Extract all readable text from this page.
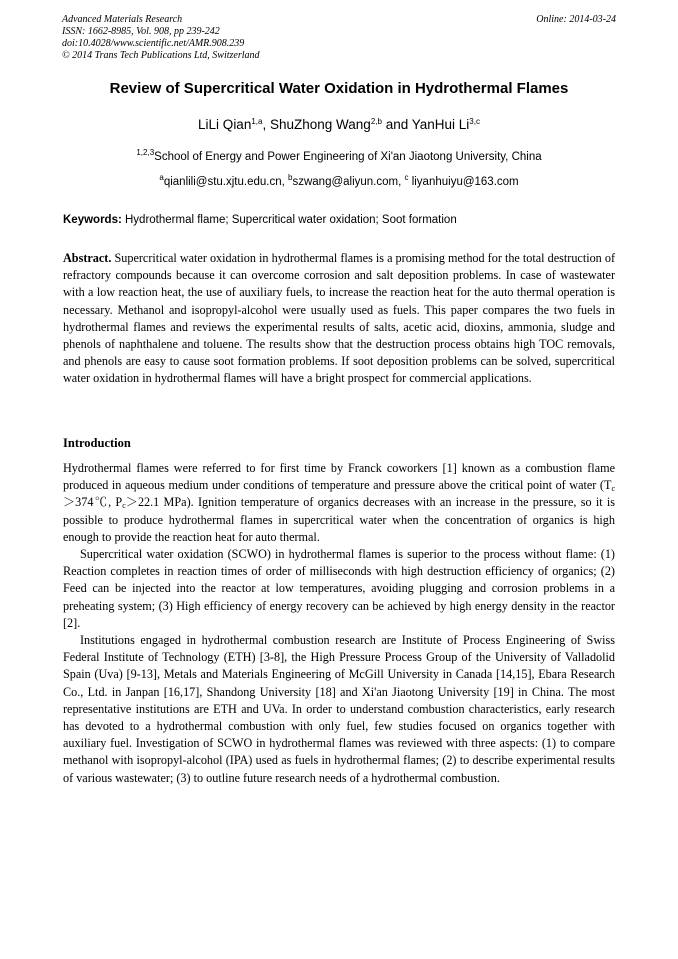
Advanced Materials Research
ISSN: 1662-8985, Vol. 908, pp 239-242
doi:10.4028/www.scientific.net/AMR.908.239
© 2014 Trans Tech Publications Ltd, Switzerland
Online: 2014-03-24
Review of Supercritical Water Oxidation in Hydrothermal Flames
LiLi Qian$^{1,a}$, ShuZhong Wang$^{2,b}$ and YanHui Li$^{3,c}$
$^{1,2,3}$School of Energy and Power Engineering of Xi'an Jiaotong University, China
$^a$qianlili@stu.xjtu.edu.cn, $^b$szwang@aliyun.com, $^c$ liyanhuiyu@163.com
Keywords: Hydrothermal flame; Supercritical water oxidation; Soot formation

Abstract. Supercritical water oxidation in hydrothermal flames is a promising method for the total destruction of refractory compounds because it can overcome corrosion and salt deposition problems. In case of wastewater with a low reaction heat, the use of auxiliary fuels, to increase the reaction heat for the auto thermal operation is necessary. Methanol and isopropyl-alcohol were usually used as fuels. This paper compares the two fuels in hydrothermal flames and reviews the experimental results of salts, acetic acid, dioxins, ammonia, sludge and phenols of naphthalene and toluene. The results show that the destruction process obtains high TOC removals, and phenols are easy to cause soot formation problems. If soot deposition problems can be solved, supercritical water oxidation in hydrothermal flames will have a bright prospect for commercial applications.

Introduction

Hydrothermal flames were referred to for first time by Franck coworkers [1] known as a combustion flame produced in aqueous medium under conditions of temperature and pressure above the critical point of water ($T_c>374℃$, $P_c>22.1$ MPa). Ignition temperature of organics decreases with an increase in the pressure, so it is possible to produce hydrothermal flames in supercritical water when the concentration of organics is high enough to provide the reaction heat for auto thermal.

Supercritical water oxidation (SCWO) in hydrothermal flames is superior to the process without flame: (1) Reaction completes in reaction times of order of milliseconds with high destruction efficiency of organics; (2) Feed can be injected into the reactor at low temperatures, avoiding plugging and corrosion problems in a preheating system; (3) High efficiency of energy recovery can be achieved by high energy density in the reactor [2].

Institutions engaged in hydrothermal combustion research are Institute of Process Engineering of Swiss Federal Institute of Technology (ETH) [3-8], the High Pressure Process Group of the University of Valladolid Spain (Uva) [9-13], Metals and Materials Engineering of McGill University in Canada [14,15], Ebara Research Co., Ltd. in Janpan [16,17], Shandong University [18] and Xi'an Jiaotong University [19] in China. The most representative institutions are ETH and UVa. In order to understand combustion characteristics, early research has devoted to a hydrothermal combustion with only fuel, few studies focused on organics together with auxiliary fuel. Investigation of SCWO in hydrothermal flames was reviewed with three aspects: (1) to compare methanol with isopropyl-alcohol (IPA) used as fuels in hydrothermal flames; (2) to describe experimental results of various wastewater; (3) to outline future research needs of a hydrothermal combustion.
